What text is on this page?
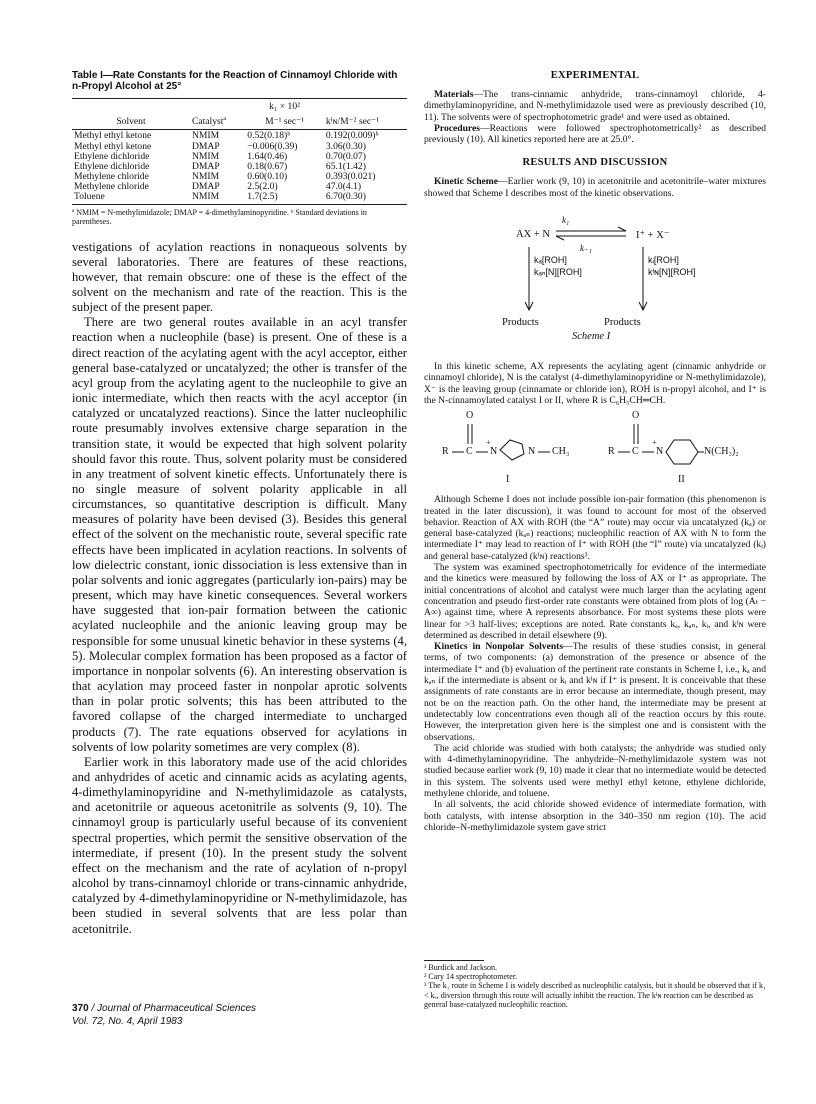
Table I—Rate Constants for the Reaction of Cinnamoyl Chloride with n-Propyl Alcohol at 25°
		k₁ × 10²	
Solvent	Catalystª	M⁻¹ sec⁻¹	kᴵɴ/M⁻² sec⁻¹
Methyl ethyl ketone	NMIM	0.52(0.18)ᵇ	0.192(0.009)ᵇ
Methyl ethyl ketone	DMAP	−0.006(0.39)	3.06(0.30)
Ethylene dichloride	NMIM	1.64(0.46)	0.70(0.07)
Ethylene dichloride	DMAP	0.18(0.67)	65.1(1.42)
Methylene chloride	NMIM	0.60(0.10)	0.393(0.021)
Methylene chloride	DMAP	2.5(2.0)	47.0(4.1)
Toluene	NMIM	1.7(2.5)	6.70(0.30)
ª NMIM = N-methylimidazole; DMAP = 4-dimethylaminopyridine. ᵇ Standard deviations in parentheses.

vestigations of acylation reactions in nonaqueous solvents by several laboratories. There are features of these reactions, however, that remain obscure: one of these is the effect of the solvent on the mechanism and rate of the reaction. This is the subject of the present paper.

There are two general routes available in an acyl transfer reaction when a nucleophile (base) is present. One of these is a direct reaction of the acylating agent with the acyl acceptor, either general base-catalyzed or uncatalyzed; the other is transfer of the acyl group from the acylating agent to the nucleophile to give an ionic intermediate, which then reacts with the acyl acceptor (in catalyzed or uncatalyzed reactions). Since the latter nucleophilic route presumably involves extensive charge separation in the transition state, it would be expected that high solvent polarity should favor this route. Thus, solvent polarity must be considered in any treatment of solvent kinetic effects. Unfortunately there is no single measure of solvent polarity applicable in all circumstances, so quantitative description is difficult. Many measures of polarity have been devised (3). Besides this general effect of the solvent on the mechanistic route, several specific rate effects have been implicated in acylation reactions. In solvents of low dielectric constant, ionic dissociation is less extensive than in polar solvents and ionic aggregates (particularly ion-pairs) may be present, which may have kinetic consequences. Several workers have suggested that ion-pair formation between the cationic acylated nucleophile and the anionic leaving group may be responsible for some unusual kinetic behavior in these systems (4, 5). Molecular complex formation has been proposed as a factor of importance in nonpolar solvents (6). An interesting observation is that acylation may proceed faster in nonpolar aprotic solvents than in polar protic solvents; this has been attributed to the favored collapse of the charged intermediate to uncharged products (7). The rate equations observed for acylations in solvents of low polarity sometimes are very complex (8).

Earlier work in this laboratory made use of the acid chlorides and anhydrides of acetic and cinnamic acids as acylating agents, 4-dimethylaminopyridine and N-methylimidazole as catalysts, and acetonitrile or aqueous acetonitrile as solvents (9, 10). The cinnamoyl group is particularly useful because of its convenient spectral properties, which permit the sensitive observation of the intermediate, if present (10). In the present study the solvent effect on the mechanism and the rate of acylation of n-propyl alcohol by trans-cinnamoyl chloride or trans-cinnamic anhydride, catalyzed by 4-dimethylaminopyridine or N-methylimidazole, has been studied in several solvents that are less polar than acetonitrile.

EXPERIMENTAL

Materials—The trans-cinnamic anhydride, trans-cinnamoyl chloride, 4-dimethylaminopyridine, and N-methylimidazole used were as previously described (10, 11). The solvents were of spectrophotometric grade¹ and were used as obtained.

Procedures—Reactions were followed spectrophotometrically² as described previously (10). All kinetics reported here are at 25.0°.

RESULTS AND DISCUSSION

Kinetic Scheme—Earlier work (9, 10) in acetonitrile and acetonitrile–water mixtures showed that Scheme I describes most of the kinetic observations.

AX + N
k₁
k₋₁
I⁺ + X⁻
kₐ[ROH]
kₐₙ[N][ROH]
kᵢ[ROH]
kᴵɴ[N][ROH]
Products	Products
Scheme I

In this kinetic scheme, AX represents the acylating agent (cinnamic anhydride or cinnamoyl chloride), N is the catalyst (4-dimethylaminopyridine or N-methylimidazole), X⁻ is the leaving group (cinnamate or chloride ion), ROH is n-propyl alcohol, and I⁺ is the N-cinnamoylated catalyst I or II, where R is C₆H₅CH═CH.

R C
O
+
N	N CH₃
I
R C
O
+
N	N(CH₃)₂
II

Although Scheme I does not include possible ion-pair formation (this phenomenon is treated in the later discussion), it was found to account for most of the observed behavior. Reaction of AX with ROH (the “A” route) may occur via uncatalyzed (kₐ) or general base-catalyzed (kₐₙ) reactions; nucleophilic reaction of AX with N to form the intermediate I⁺ may lead to reaction of I⁺ with ROH (the “I” route) via uncatalyzed (kᵢ) and general base-catalyzed (kᴵɴ) reactions³.

The system was examined spectrophotometrically for evidence of the intermediate and the kinetics were measured by following the loss of AX or I⁺ as appropriate. The initial concentrations of alcohol and catalyst were much larger than the acylating agent concentration and pseudo first-order rate constants were obtained from plots of log (Aₜ − A∞) against time, where A represents absorbance. For most systems these plots were linear for >3 half-lives; exceptions are noted. Rate constants kₐ, kₐₙ, kᵢ, and kᴵɴ were determined as described in detail elsewhere (9).

Kinetics in Nonpolar Solvents—The results of these studies consist, in general terms, of two components: (a) demonstration of the presence or absence of the intermediate I⁺ and (b) evaluation of the pertinent rate constants in Scheme I, i.e., kₐ and kₐₙ if the intermediate is absent or kᵢ and kᴵɴ if I⁺ is present. It is conceivable that these assignments of rate constants are in error because an intermediate, though present, may not be on the reaction path. On the other hand, the intermediate may be present at undetectably low concentrations even though all of the reaction occurs by this route. However, the interpretation given here is the simplest one and is consistent with the observations.

The acid chloride was studied with both catalysts; the anhydride was studied only with 4-dimethylaminopyridine. The anhydride–N-methylimidazole system was not studied because earlier work (9, 10) made it clear that no intermediate would be detected in this system. The solvents used were methyl ethyl ketone, ethylene dichloride, methylene chloride, and toluene.

In all solvents, the acid chloride showed evidence of intermediate formation, with both catalysts, with intense absorption in the 340–350 nm region (10). The acid chloride–N-methylimidazole system gave strict

¹ Burdick and Jackson.
² Cary 14 spectrophotometer.
³ The k₁ route in Scheme I is widely described as nucleophilic catalysis, but it should be observed that if k₁ < kₐ, diversion through this route will actually inhibit the reaction. The kᴵɴ reaction can be described as general base-catalyzed nucleophilic reaction.
370 / Journal of Pharmaceutical Sciences
Vol. 72, No. 4, April 1983
